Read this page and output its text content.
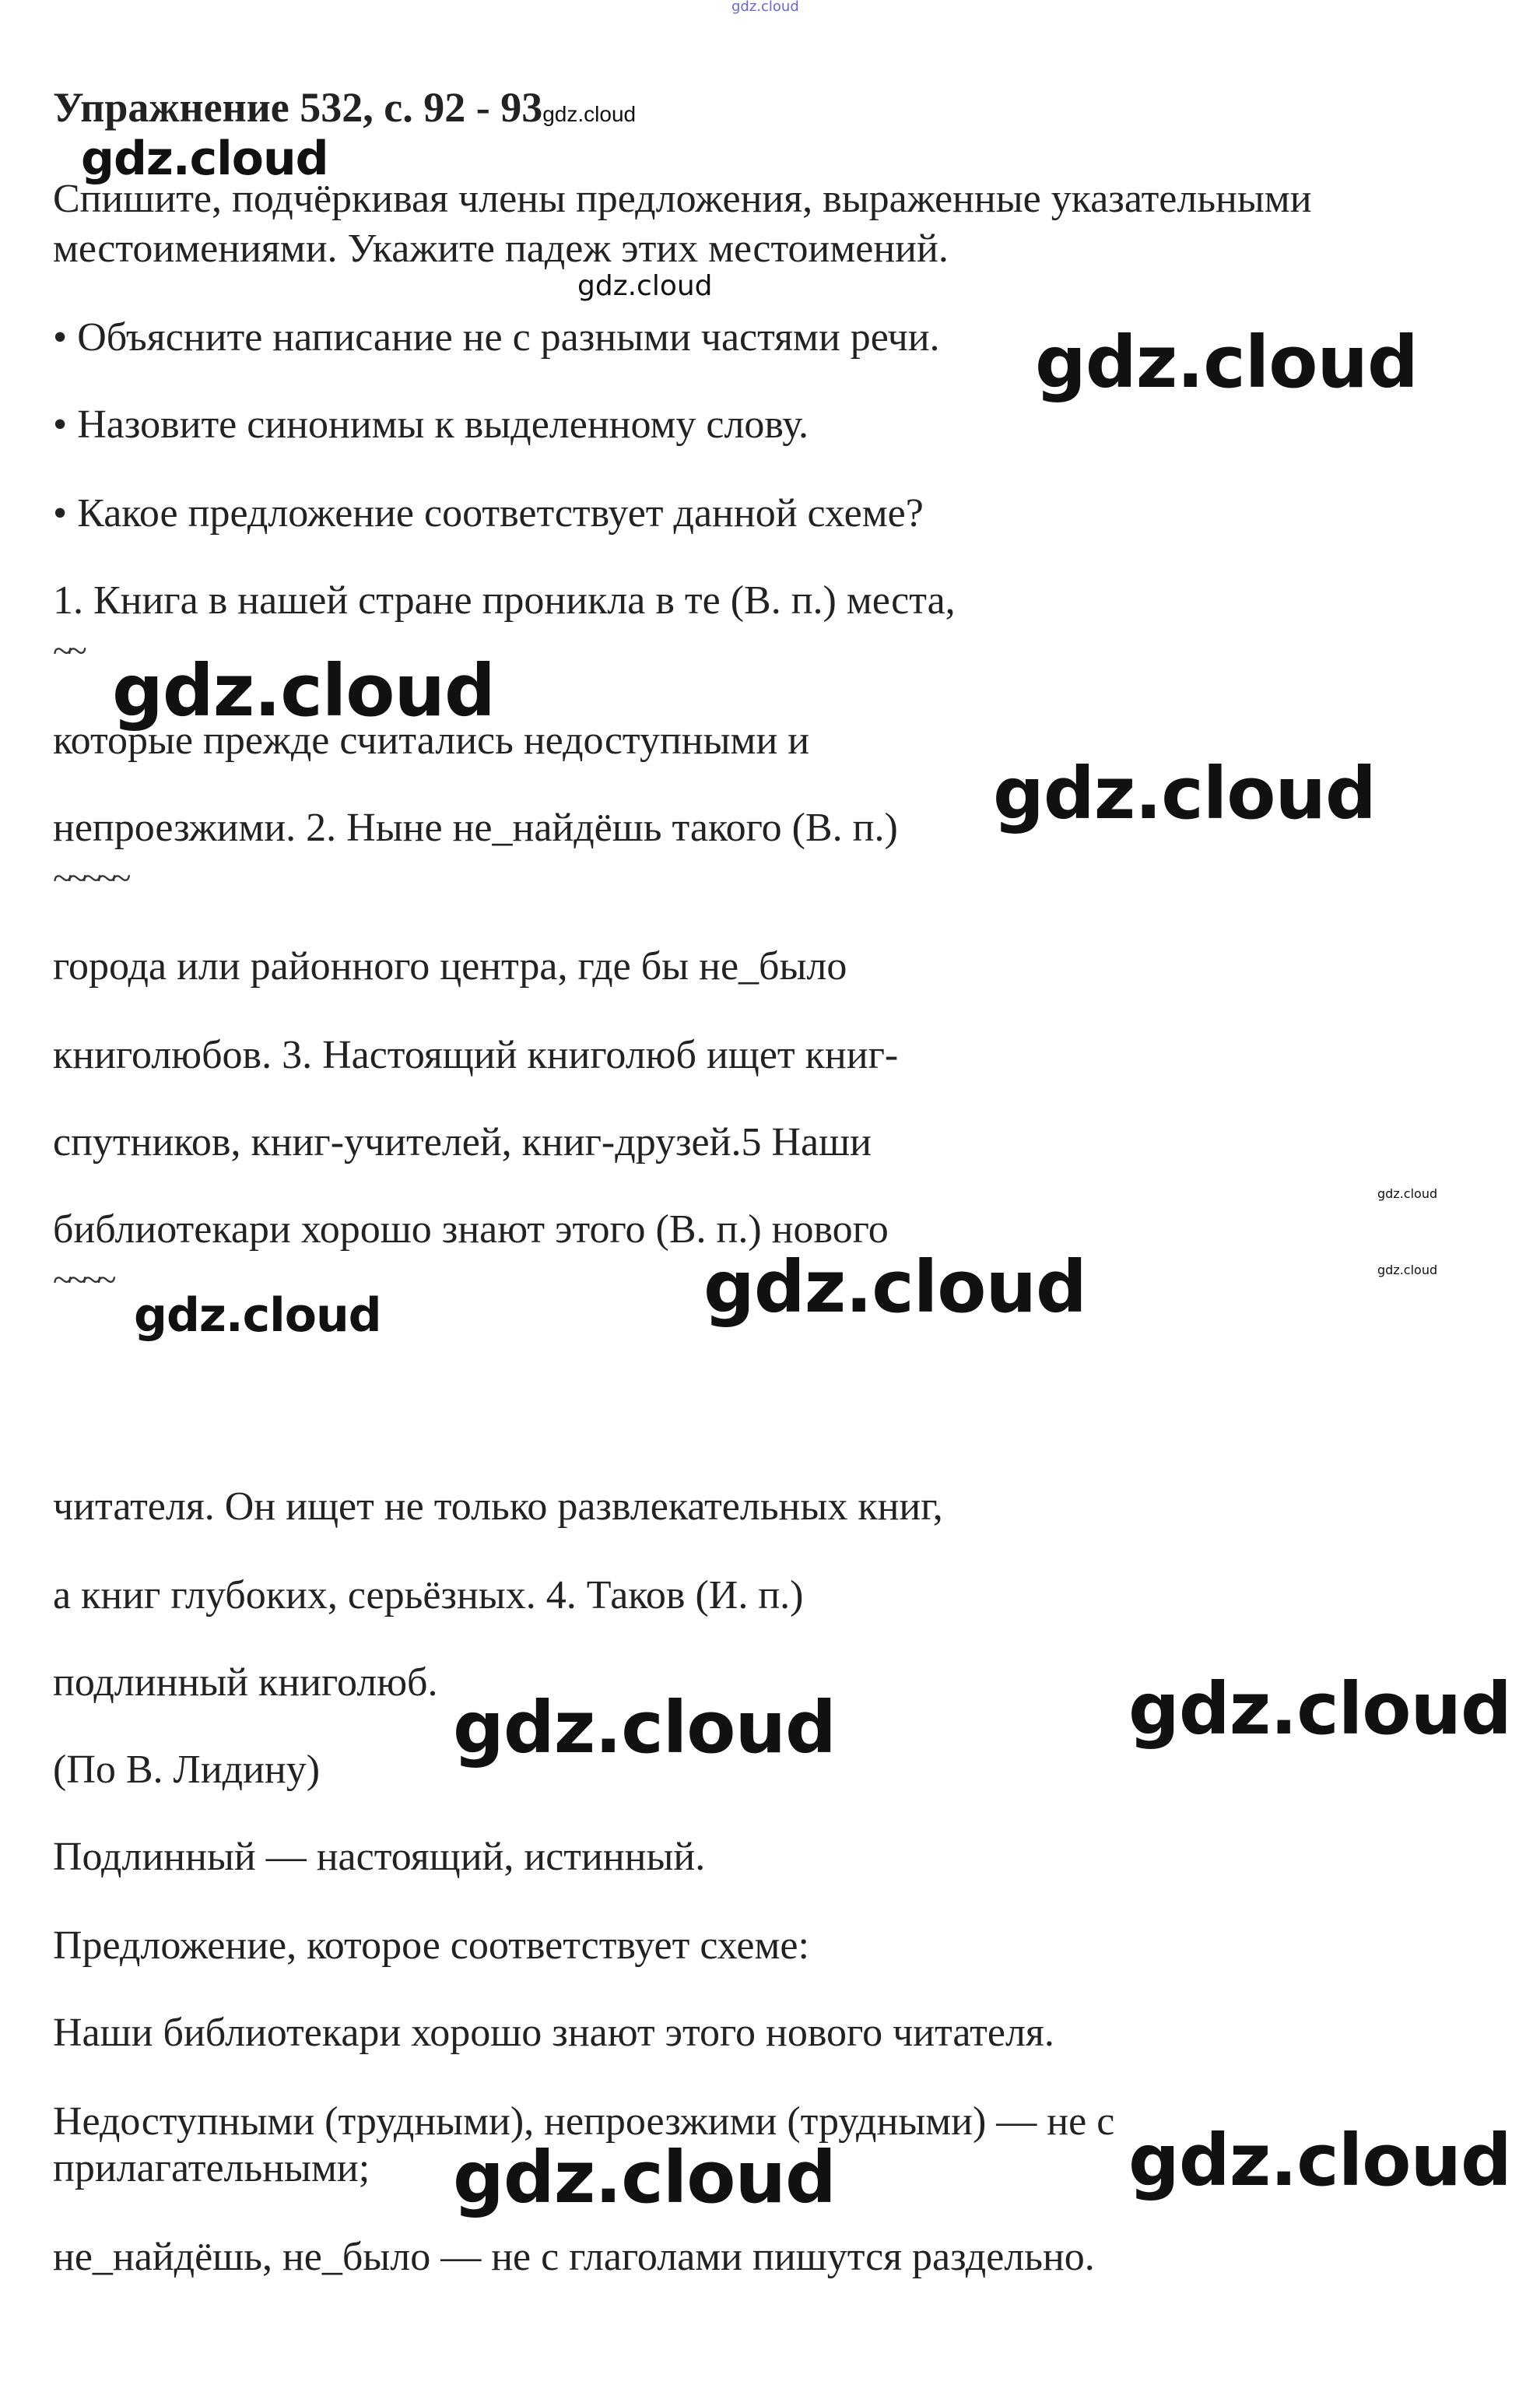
gdz.cloud
Упражнение 532, с. 92 - 93gdz.cloud
gdz.cloud
Спишите, подчёркивая члены предложения, выраженные указательными
местоимениями. Укажите падеж этих местоимений.
gdz.cloud
• Объясните написание не с разными частями речи. gdz.cloud
• Назовите синонимы к выделенному слову.
• Какое предложение соответствует данной схеме?
1. Книга в нашей стране проникла в те (В. п.) места,
~~ gdz.cloud
которые прежде считались недоступными и
gdz.cloud
непроезжими. 2. Ныне не_найдёшь такого (В. п.)
~~~~~
города или районного центра, где бы не_было
книголюбов. 3. Настоящий книголюб ищет книг-
спутников, книг-учителей, книг-друзей.5 Наши
gdz.cloud
библиотекари хорошо знают этого (В. п.) нового
~~~~	gdz.cloud
gdz.cloud
gdz.cloud
читателя. Он ищет не только развлекательных книг,
а книг глубоких, серьёзных. 4. Таков (И. п.)
подлинный книголюб.	gdz.cloud
gdz.cloud
(По В. Лидину)
Подлинный — настоящий, истинный.
Предложение, которое соответствует схеме:
Наши библиотекари хорошо знают этого нового читателя.
Недоступными (трудными), непроезжими (трудными) — не с
прилагательными;	gdz.cloud
gdz.cloud
не_найдёшь, не_было — не с глаголами пишутся раздельно.
